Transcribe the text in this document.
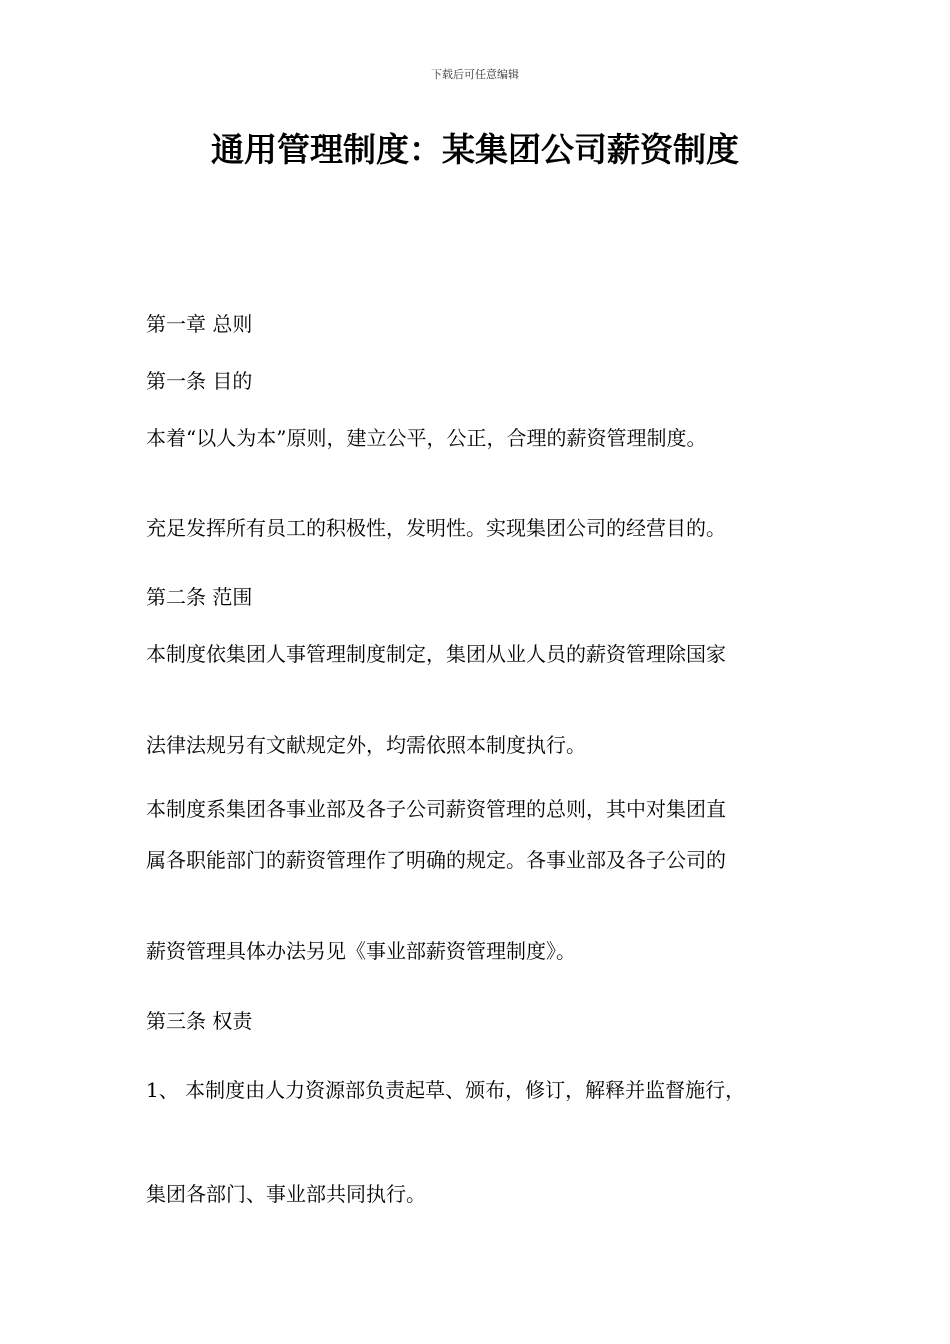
下载后可任意编辑
通用管理制度：某集团公司薪资制度
第一章 总则
第一条 目的
本着“以人为本”原则，建立公平，公正，合理的薪资管理制度。
充足发挥所有员工的积极性，发明性。实现集团公司的经营目的。
第二条 范围
本制度依集团人事管理制度制定，集团从业人员的薪资管理除国家
法律法规另有文献规定外，均需依照本制度执行。
本制度系集团各事业部及各子公司薪资管理的总则，其中对集团直
属各职能部门的薪资管理作了明确的规定。各事业部及各子公司的
薪资管理具体办法另见《事业部薪资管理制度》。
第三条 权责
1、 本制度由人力资源部负责起草、颁布，修订，解释并监督施行，
集团各部门、事业部共同执行。
